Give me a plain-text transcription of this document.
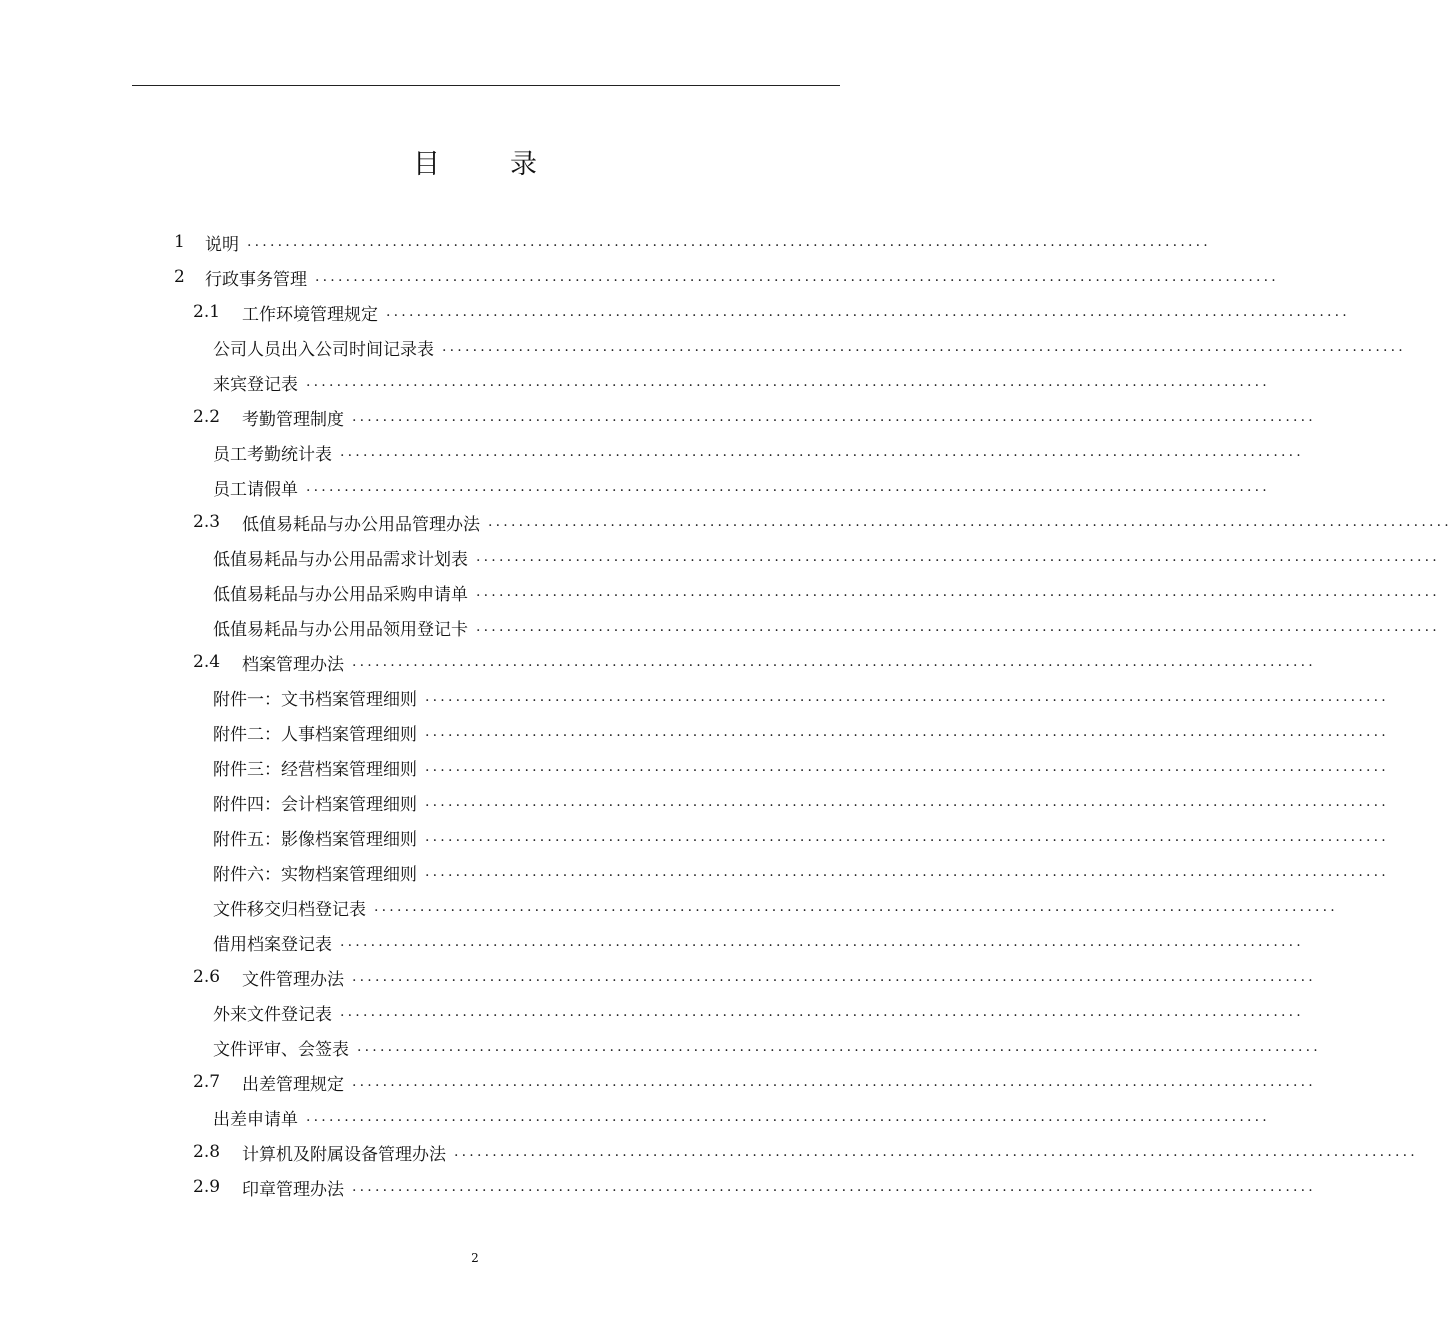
目	录
1	说明 ..............................................................................................................................
2	行政事务管理 ..............................................................................................................................
2.1	工作环境管理规定 ..............................................................................................................................
公司人员出入公司时间记录表 ..............................................................................................................................
来宾登记表 ..............................................................................................................................
2.2	考勤管理制度 ..............................................................................................................................
员工考勤统计表 ..............................................................................................................................
员工请假单 ..............................................................................................................................
2.3	低值易耗品与办公用品管理办法 ..............................................................................................................................
低值易耗品与办公用品需求计划表 ..............................................................................................................................
低值易耗品与办公用品采购申请单 ..............................................................................................................................
低值易耗品与办公用品领用登记卡 ..............................................................................................................................
2.4	档案管理办法 ..............................................................................................................................
附件一：文书档案管理细则 ..............................................................................................................................
附件二：人事档案管理细则 ..............................................................................................................................
附件三：经营档案管理细则 ..............................................................................................................................
附件四：会计档案管理细则 ..............................................................................................................................
附件五：影像档案管理细则 ..............................................................................................................................
附件六：实物档案管理细则 ..............................................................................................................................
文件移交归档登记表 ..............................................................................................................................
借用档案登记表 ..............................................................................................................................
2.6	文件管理办法 ..............................................................................................................................
外来文件登记表 ..............................................................................................................................
文件评审、会签表 ..............................................................................................................................
2.7	出差管理规定 ..............................................................................................................................
出差申请单 ..............................................................................................................................
2.8	计算机及附属设备管理办法 ..............................................................................................................................
2.9	印章管理办法 ..............................................................................................................................
2
